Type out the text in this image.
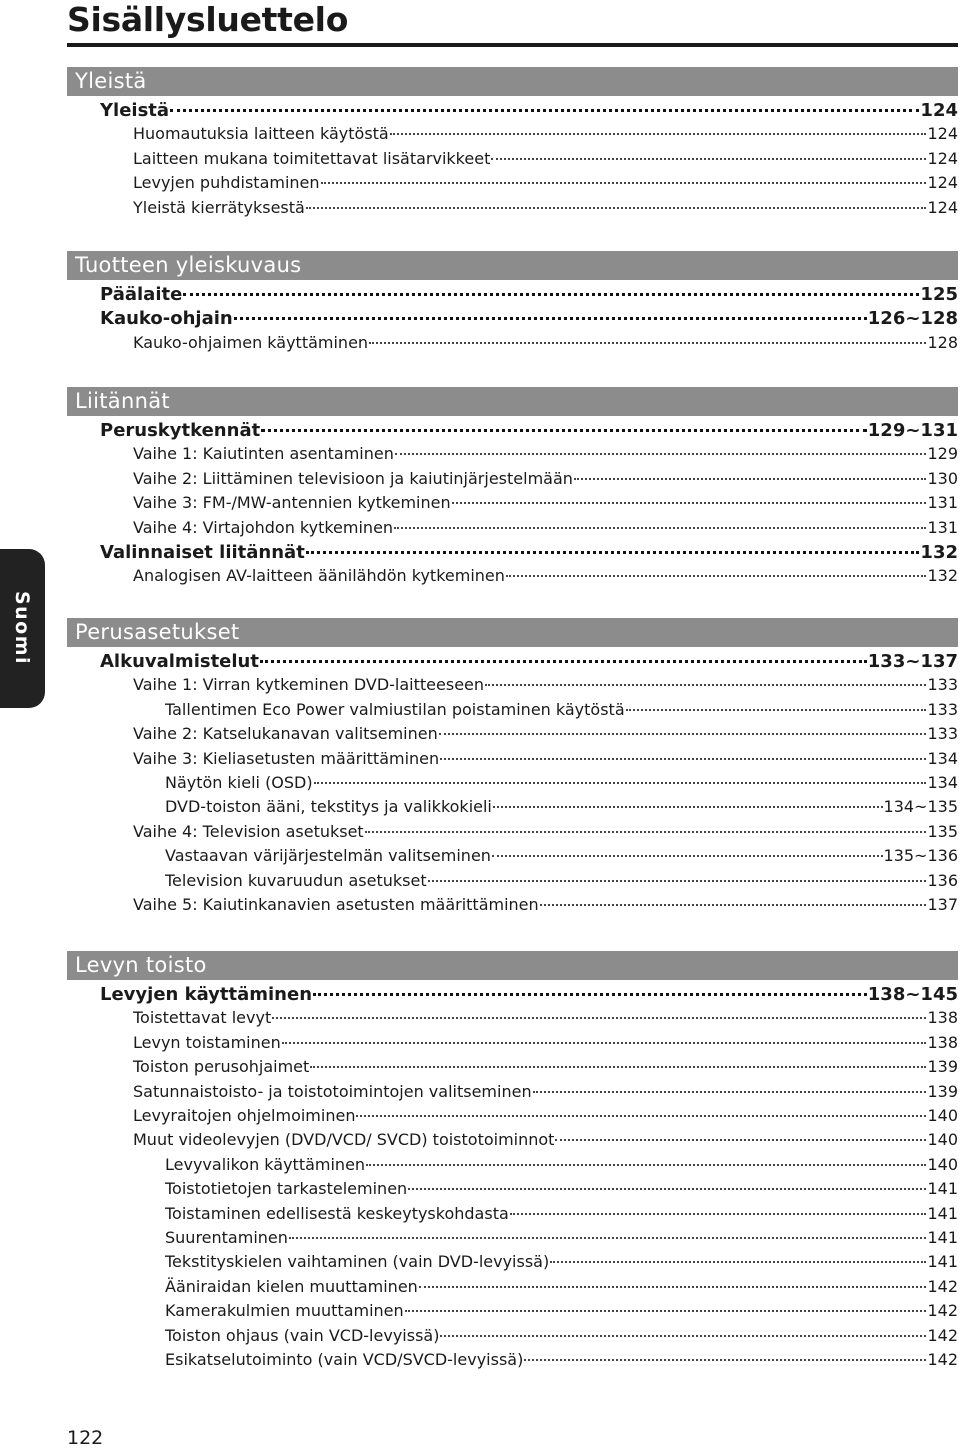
Sisällysluettelo
Yleistä
Yleistä	124
Huomautuksia laitteen käytöstä	124
Laitteen mukana toimitettavat lisätarvikkeet	124
Levyjen puhdistaminen	124
Yleistä kierrätyksestä	124
Tuotteen yleiskuvaus
Päälaite	125
Kauko-ohjain	126~128
Kauko-ohjaimen käyttäminen	128
Liitännät
Peruskytkennät	129~131
Vaihe 1: Kaiutinten asentaminen	129
Vaihe 2: Liittäminen televisioon ja kaiutinjärjestelmään	130
Vaihe 3: FM-/MW-antennien kytkeminen	131
Vaihe 4: Virtajohdon kytkeminen	131
Valinnaiset liitännät	132
Analogisen AV-laitteen äänilähdön kytkeminen	132
Perusasetukset
Alkuvalmistelut	133~137
Vaihe 1: Virran kytkeminen DVD-laitteeseen	133
Tallentimen Eco Power valmiustilan poistaminen käytöstä	133
Vaihe 2: Katselukanavan valitseminen	133
Vaihe 3: Kieliasetusten määrittäminen	134
Näytön kieli (OSD)	134
DVD-toiston ääni, tekstitys ja valikkokieli	134~135
Vaihe 4: Television asetukset	135
Vastaavan värijärjestelmän valitseminen	135~136
Television kuvaruudun asetukset	136
Vaihe 5: Kaiutinkanavien asetusten määrittäminen	137
Levyn toisto
Levyjen käyttäminen	138~145
Toistettavat levyt	138
Levyn toistaminen	138
Toiston perusohjaimet	139
Satunnaistoisto- ja toistotoimintojen valitseminen	139
Levyraitojen ohjelmoiminen	140
Muut videolevyjen (DVD/VCD/ SVCD) toistotoiminnot	140
Levyvalikon käyttäminen	140
Toistotietojen tarkasteleminen	141
Toistaminen edellisestä keskeytyskohdasta	141
Suurentaminen	141
Tekstityskielen vaihtaminen (vain DVD-levyissä)	141
Ääniraidan kielen muuttaminen	142
Kamerakulmien muuttaminen	142
Toiston ohjaus (vain VCD-levyissä)	142
Esikatselutoiminto (vain VCD/SVCD-levyissä)	142
Suomi
122
